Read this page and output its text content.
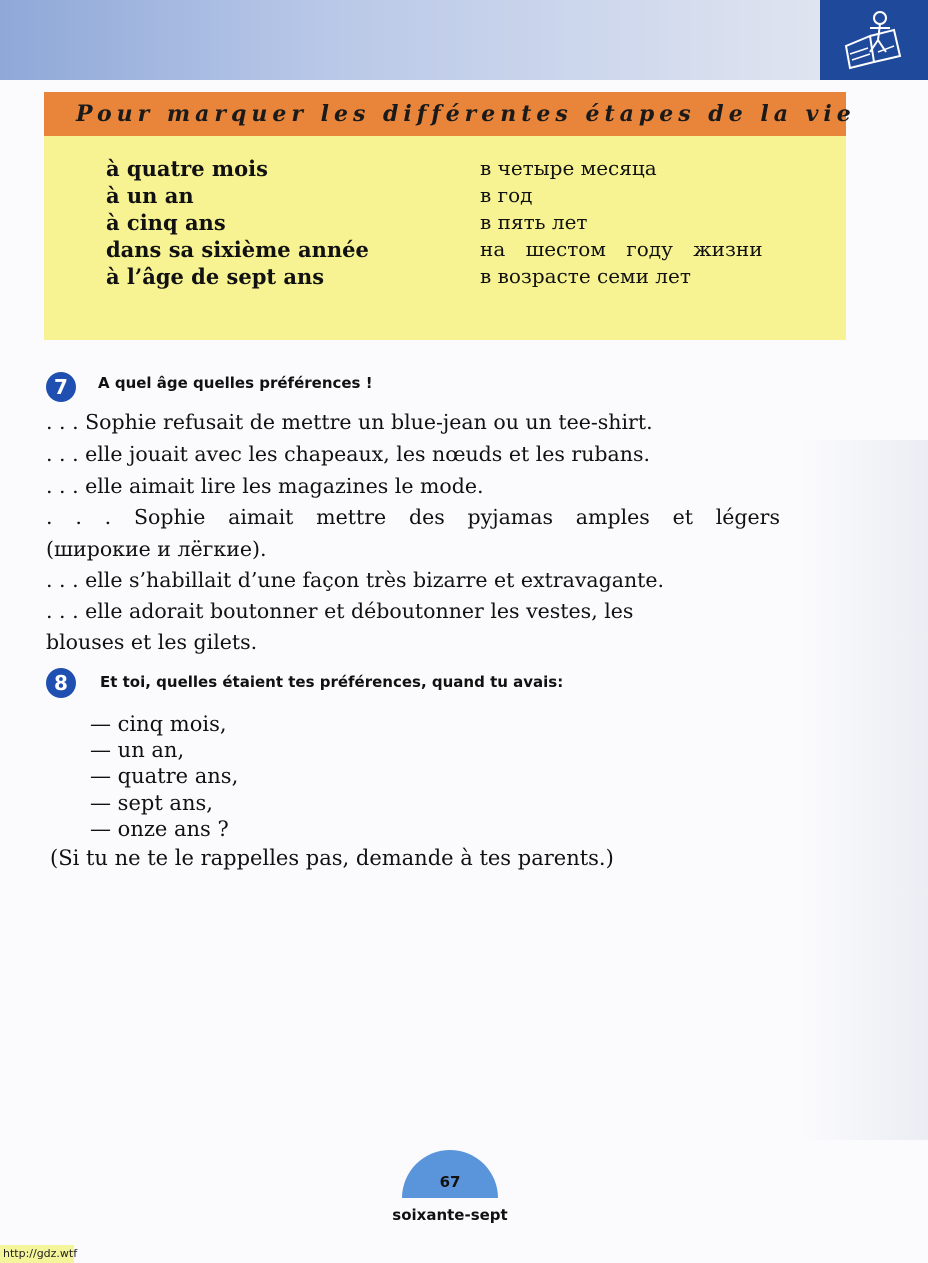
Pour marquer les différentes étapes de la vie
à quatre mois	в четыре месяца
à un an	в год
à cinq ans	в пять лет
dans sa sixième année	на шестом году жизни
à l’âge de sept ans	в возрасте семи лет
7	A quel âge quelles préférences !
. . . Sophie refusait de mettre un blue-jean ou un tee-shirt.
. . . elle jouait avec les chapeaux, les nœuds et les rubans.
. . . elle aimait lire les magazines le mode.
. . . Sophie aimait mettre des pyjamas amples et légers
(широкие и лёгкие).
. . . elle s’habillait d’une façon très bizarre et extravagante.
. . . elle adorait boutonner et déboutonner les vestes, les
blouses et les gilets.
8	Et toi, quelles étaient tes préférences, quand tu avais:
— cinq mois,
— un an,
— quatre ans,
— sept ans,
— onze ans ?
(Si tu ne te le rappelles pas, demande à tes parents.)
67
soixante-sept
http://gdz.wtf
